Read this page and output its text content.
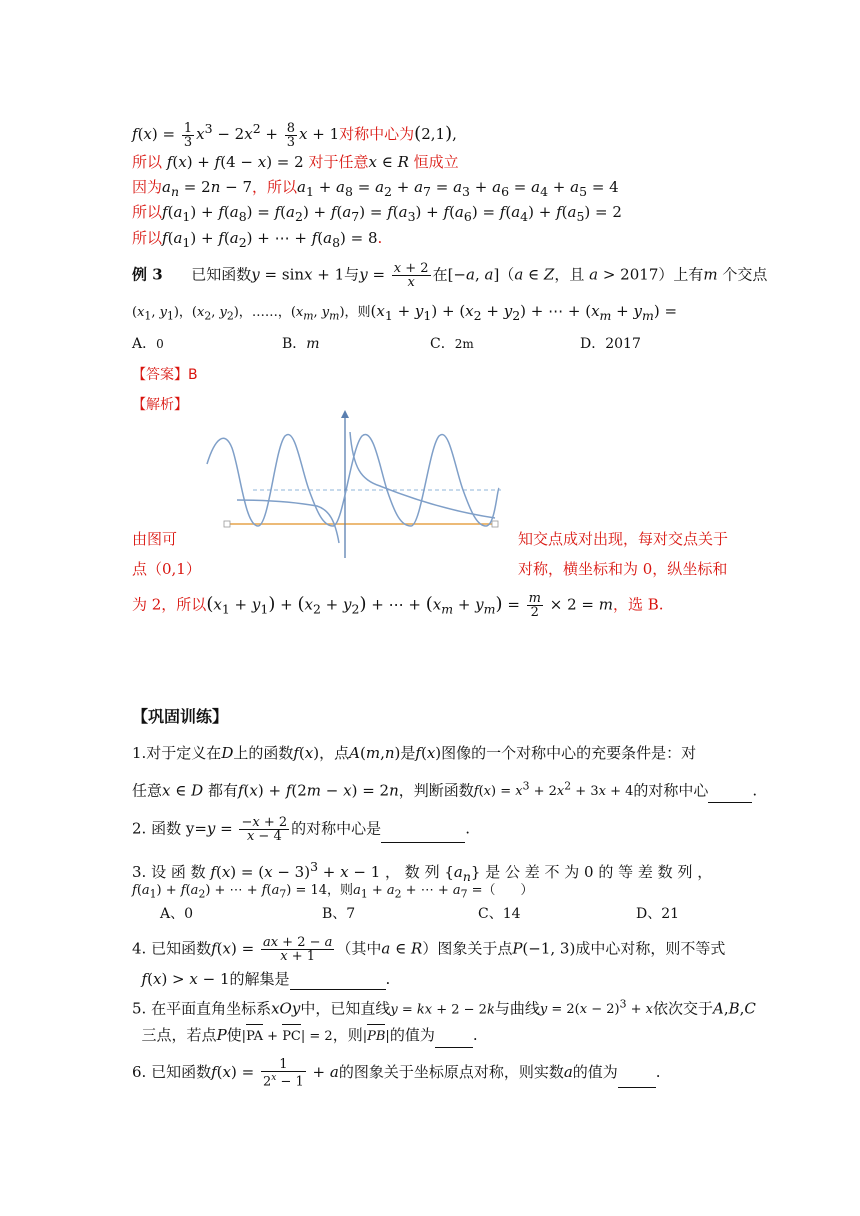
$f(x) = \frac{1}{3} x^3 - 2x^2 + \frac{8}{3}$ x + 1对称中心为(2,1),
所以 f(x) + f(4 − x) = 2 对于任意x ∈ R 恒成立
因为$a_n = 2n - 7$，所以$a_1 + a_8 = a_2 + a_7 = a_3 + a_6 = a_4 + a_5 = 4$
所以$f(a_1) + f(a_8) = f(a_2) + f(a_7) = f(a_3) + f(a_6) = f(a_4) + f(a_5) = 2$
所以$f(a_1) + f(a_2)$ + ⋯ + $f(a_8) = 8$.
例 3 已知函数y = sinx + 1与$y = \frac{x + 2}{x}$ 在[−a, a]（a ∈ Z，且 a > 2017）上有m 个交点
($x_1$, $y_1$)，($x_2$, $y_2$)，……，($x_m$, $y_m$)，则$(x_1 + y_1) + (x_2 + y_2)$ + ⋯ + $(x_m + y_m)$ =
A．0	B．m	C．2m	D．2017
【答案】B
【解析】
由图可	知交点成对出现，每对交点关于
点（0,1）	对称，横坐标和为 0，纵坐标和
为 2，所以$(x_1 + y_1) + (x_2 + y_2)$ + ⋯ + $(x_m + y_m) = \frac{m}{2} \times 2 = m$，选 B.
【巩固训练】
1.对于定义在D上的函数f(x)，点A(m,n)是f(x)图像的一个对称中心的充要条件是：对
任意x ∈ D 都有f(x) + f(2m − x) = 2n，判断函数$f(x) = x^3 + 2x^2 + 3x + 4$的对称中心	.
2. 函数 $y=y = \frac{-x + 2}{x - 4}$ 的对称中心是	.
3. 设 函 数 $f(x) = (x - 3)^3 + x - 1$ ， 数 列 $\{a_n\}$ 是 公 差 不 为 0 的 等 差 数 列 ，
$f(a_1) + f(a_2)$ + ⋯ + $f(a_7) = 14$，则$a_1 + a_2$ + ⋯ + $a_7$ =（      ）
A、0	B、7	C、14	D、21
4. 已知函数$f(x) = \frac{ax + 2 - a}{x + 1}$ （其中a ∈ R）图象关于点P(−1, 3)成中心对称，则不等式
f(x) > x − 1的解集是	.
5. 在平面直角坐标系xOy中，已知直线y = kx + 2 − 2k与曲线$y = 2(x - 2)^3 + x$依次交于A,B,C
三点，若点P使|PA + PC| = 2，则|PB|的值为	.
6. 已知函数$f(x) = \frac{1}{2^x - 1} + a$的图象关于坐标原点对称，则实数a的值为	.
